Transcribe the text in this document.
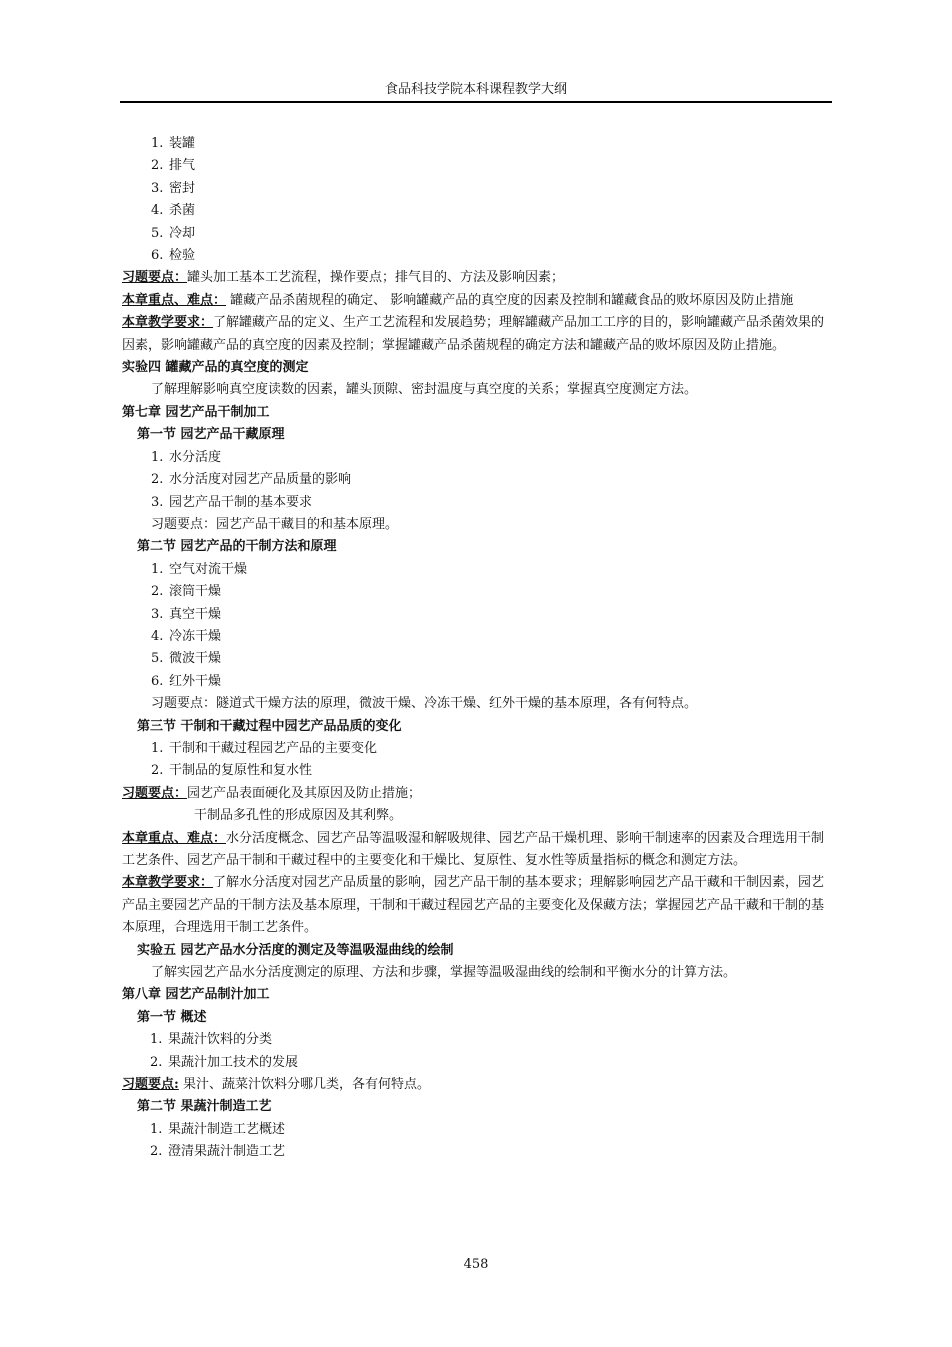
食品科技学院本科课程教学大纲
1. 装罐
2. 排气
3. 密封
4. 杀菌
5. 冷却
6. 检验
习题要点：罐头加工基本工艺流程，操作要点；排气目的、方法及影响因素；
本章重点、难点： 罐藏产品杀菌规程的确定、 影响罐藏产品的真空度的因素及控制和罐藏食品的败坏原因及防止措施
本章教学要求：了解罐藏产品的定义、生产工艺流程和发展趋势；理解罐藏产品加工工序的目的，影响罐藏产品杀菌效果的因素，影响罐藏产品的真空度的因素及控制；掌握罐藏产品杀菌规程的确定方法和罐藏产品的败坏原因及防止措施。
实验四 罐藏产品的真空度的测定
了解理解影响真空度读数的因素，罐头顶隙、密封温度与真空度的关系；掌握真空度测定方法。
第七章 园艺产品干制加工
第一节 园艺产品干藏原理
1. 水分活度
2. 水分活度对园艺产品质量的影响
3. 园艺产品干制的基本要求
习题要点：园艺产品干藏目的和基本原理。
第二节 园艺产品的干制方法和原理
1. 空气对流干燥
2. 滚筒干燥
3. 真空干燥
4. 冷冻干燥
5. 微波干燥
6. 红外干燥
习题要点：隧道式干燥方法的原理，微波干燥、冷冻干燥、红外干燥的基本原理，各有何特点。
第三节 干制和干藏过程中园艺产品品质的变化
1. 干制和干藏过程园艺产品的主要变化
2. 干制品的复原性和复水性
习题要点：园艺产品表面硬化及其原因及防止措施；
干制品多孔性的形成原因及其利弊。
本章重点、难点：水分活度概念、园艺产品等温吸湿和解吸规律、园艺产品干燥机理、影响干制速率的因素及合理选用干制工艺条件、园艺产品干制和干藏过程中的主要变化和干燥比、复原性、复水性等质量指标的概念和测定方法。
本章教学要求：了解水分活度对园艺产品质量的影响，园艺产品干制的基本要求；理解影响园艺产品干藏和干制因素，园艺产品主要园艺产品的干制方法及基本原理，干制和干藏过程园艺产品的主要变化及保藏方法；掌握园艺产品干藏和干制的基本原理，合理选用干制工艺条件。
实验五 园艺产品水分活度的测定及等温吸湿曲线的绘制
了解实园艺产品水分活度测定的原理、方法和步骤，掌握等温吸湿曲线的绘制和平衡水分的计算方法。
第八章 园艺产品制汁加工
第一节 概述
1. 果蔬汁饮料的分类
2. 果蔬汁加工技术的发展
习题要点: 果汁、蔬菜汁饮料分哪几类，各有何特点。
第二节 果蔬汁制造工艺
1. 果蔬汁制造工艺概述
2. 澄清果蔬汁制造工艺
458
